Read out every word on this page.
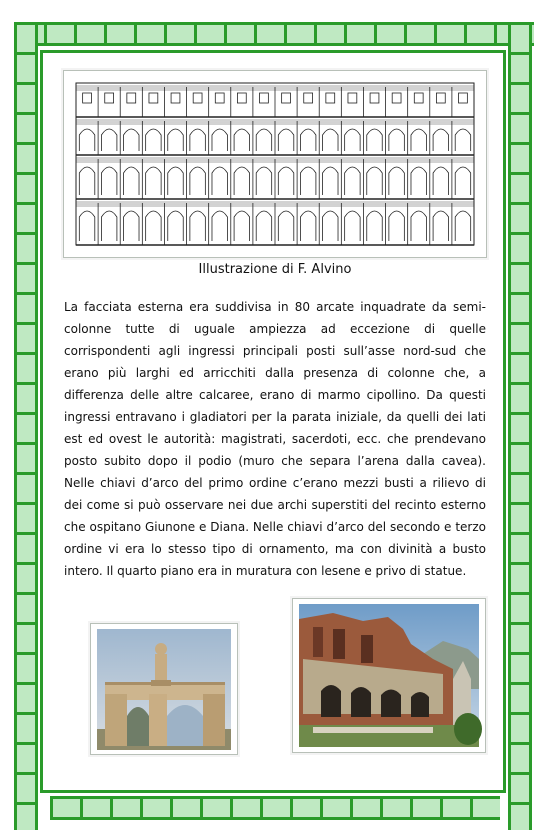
Illustrazione di F. Alvino

La facciata esterna era suddivisa in 80 arcate inquadrate da semicolonne tutte di uguale ampiezza ad eccezione di quelle corrispondenti agli ingressi principali posti sull’asse nord-sud che erano più larghi ed arricchiti dalla presenza di colonne che, a differenza delle altre calcaree, erano di marmo cipollino. Da questi ingressi entravano i gladiatori per la parata iniziale, da quelli dei lati est ed ovest le autorità: magistrati, sacerdoti, ecc. che prendevano posto subito dopo il podio (muro che separa l’arena dalla cavea). Nelle chiavi d’arco del primo ordine c’erano mezzi busti a rilievo di dei come si può osservare nei due archi superstiti del recinto esterno che ospitano Giunone e Diana. Nelle chiavi d’arco del secondo e terzo ordine vi era lo stesso tipo di ornamento, ma con divinità a busto intero. Il quarto piano era in muratura con lesene e privo di statue.
